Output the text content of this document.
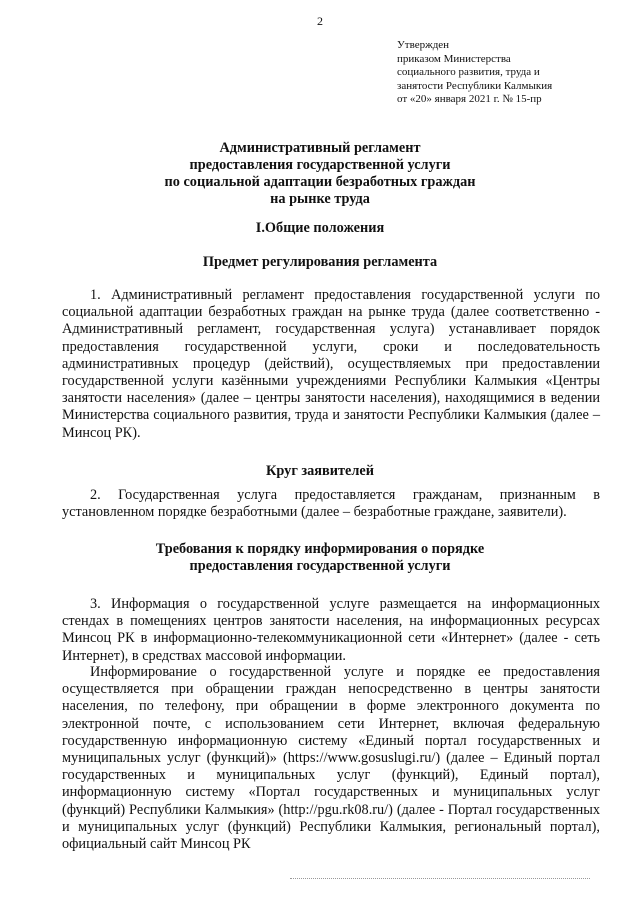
2
Утвержден
приказом Министерства
социального развития, труда и
занятости Республики Калмыкия
от «20» января 2021 г. № 15-пр
Административный регламент
предоставления государственной услуги
по социальной адаптации безработных граждан
на рынке труда
I.Общие положения
Предмет регулирования регламента
1. Административный регламент предоставления государственной услуги по социальной адаптации безработных граждан на рынке труда (далее соответственно - Административный регламент, государственная услуга) устанавливает порядок предоставления государственной услуги, сроки и последовательность административных процедур (действий), осуществляемых при предоставлении государственной услуги казёнными учреждениями Республики Калмыкия «Центры занятости населения» (далее – центры занятости населения), находящимися в ведении Министерства социального развития, труда и занятости Республики Калмыкия (далее – Минсоц РК).
Круг заявителей
2. Государственная услуга предоставляется гражданам, признанным в установленном порядке безработными (далее – безработные граждане, заявители).
Требования к порядку информирования о порядке
предоставления государственной услуги
3. Информация о государственной услуге размещается на информационных стендах в помещениях центров занятости населения, на информационных ресурсах Минсоц РК в информационно-телекоммуникационной сети «Интернет» (далее - сеть Интернет), в средствах массовой информации.
Информирование о государственной услуге и порядке ее предоставления осуществляется при обращении граждан непосредственно в центры занятости населения, по телефону, при обращении в форме электронного документа по электронной почте, с использованием сети Интернет, включая федеральную государственную информационную систему «Единый портал государственных и муниципальных услуг (функций)» (https://www.gosuslugi.ru/) (далее – Единый портал государственных и муниципальных услуг (функций), Единый портал), информационную систему «Портал государственных и муниципальных услуг (функций) Республики Калмыкия» (http://pgu.rk08.ru/) (далее - Портал государственных и муниципальных услуг (функций) Республики Калмыкия, региональный портал), официальный сайт Минсоц РК
